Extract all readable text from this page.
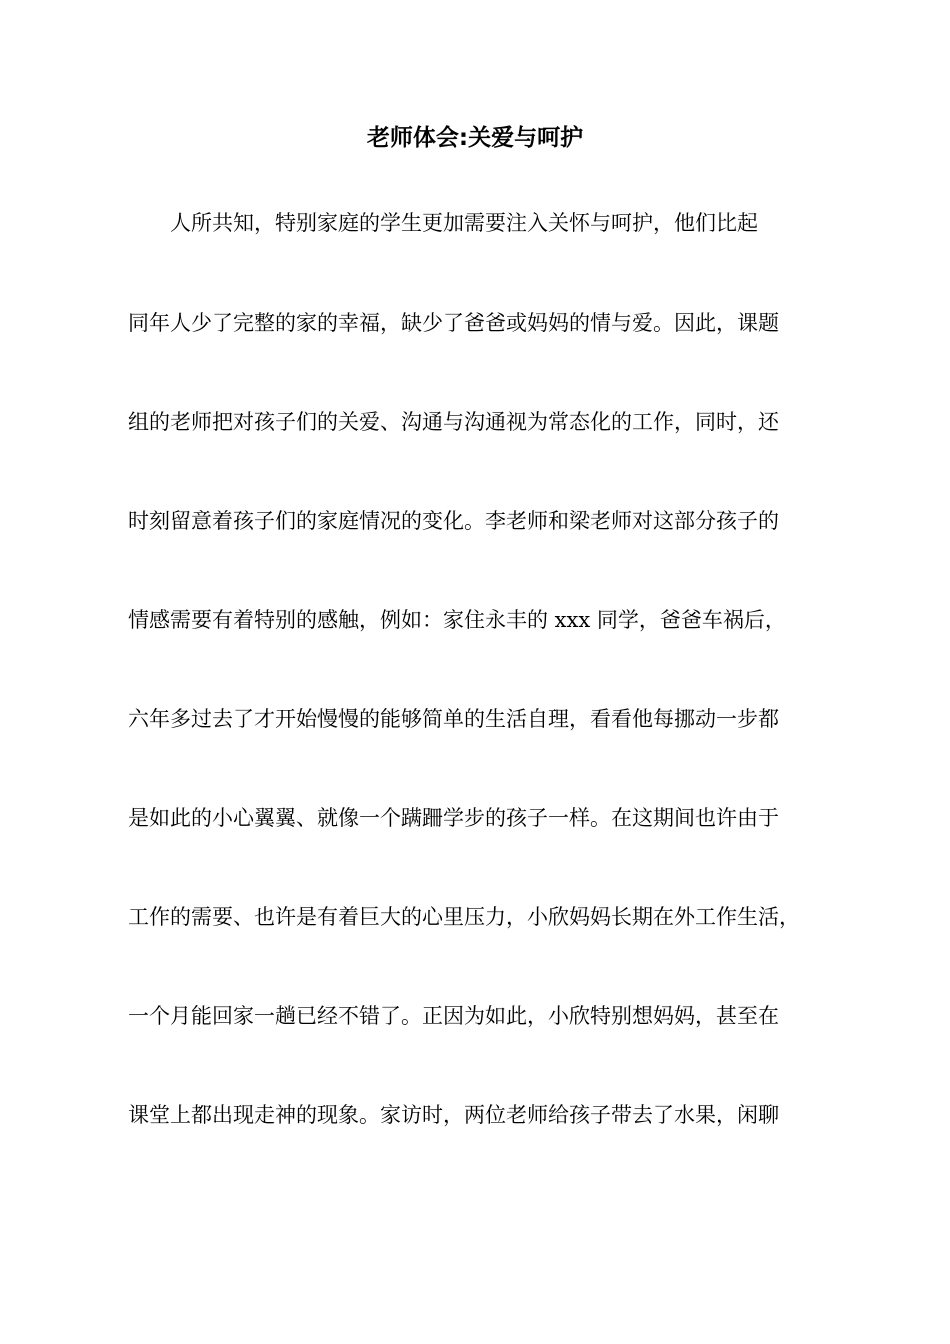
老师体会:关爱与呵护

人所共知，特别家庭的学生更加需要注入关怀与呵护，他们比起

同年人少了完整的家的幸福，缺少了爸爸或妈妈的情与爱。因此，课题

组的老师把对孩子们的关爱、沟通与沟通视为常态化的工作，同时，还

时刻留意着孩子们的家庭情况的变化。李老师和梁老师对这部分孩子的

情感需要有着特别的感触，例如：家住永丰的 xxx 同学，爸爸车祸后，

六年多过去了才开始慢慢的能够简单的生活自理，看看他每挪动一步都

是如此的小心翼翼、就像一个蹒跚学步的孩子一样。在这期间也许由于

工作的需要、也许是有着巨大的心里压力，小欣妈妈长期在外工作生活，

一个月能回家一趟已经不错了。正因为如此，小欣特别想妈妈，甚至在

课堂上都出现走神的现象。家访时，两位老师给孩子带去了水果，闲聊
